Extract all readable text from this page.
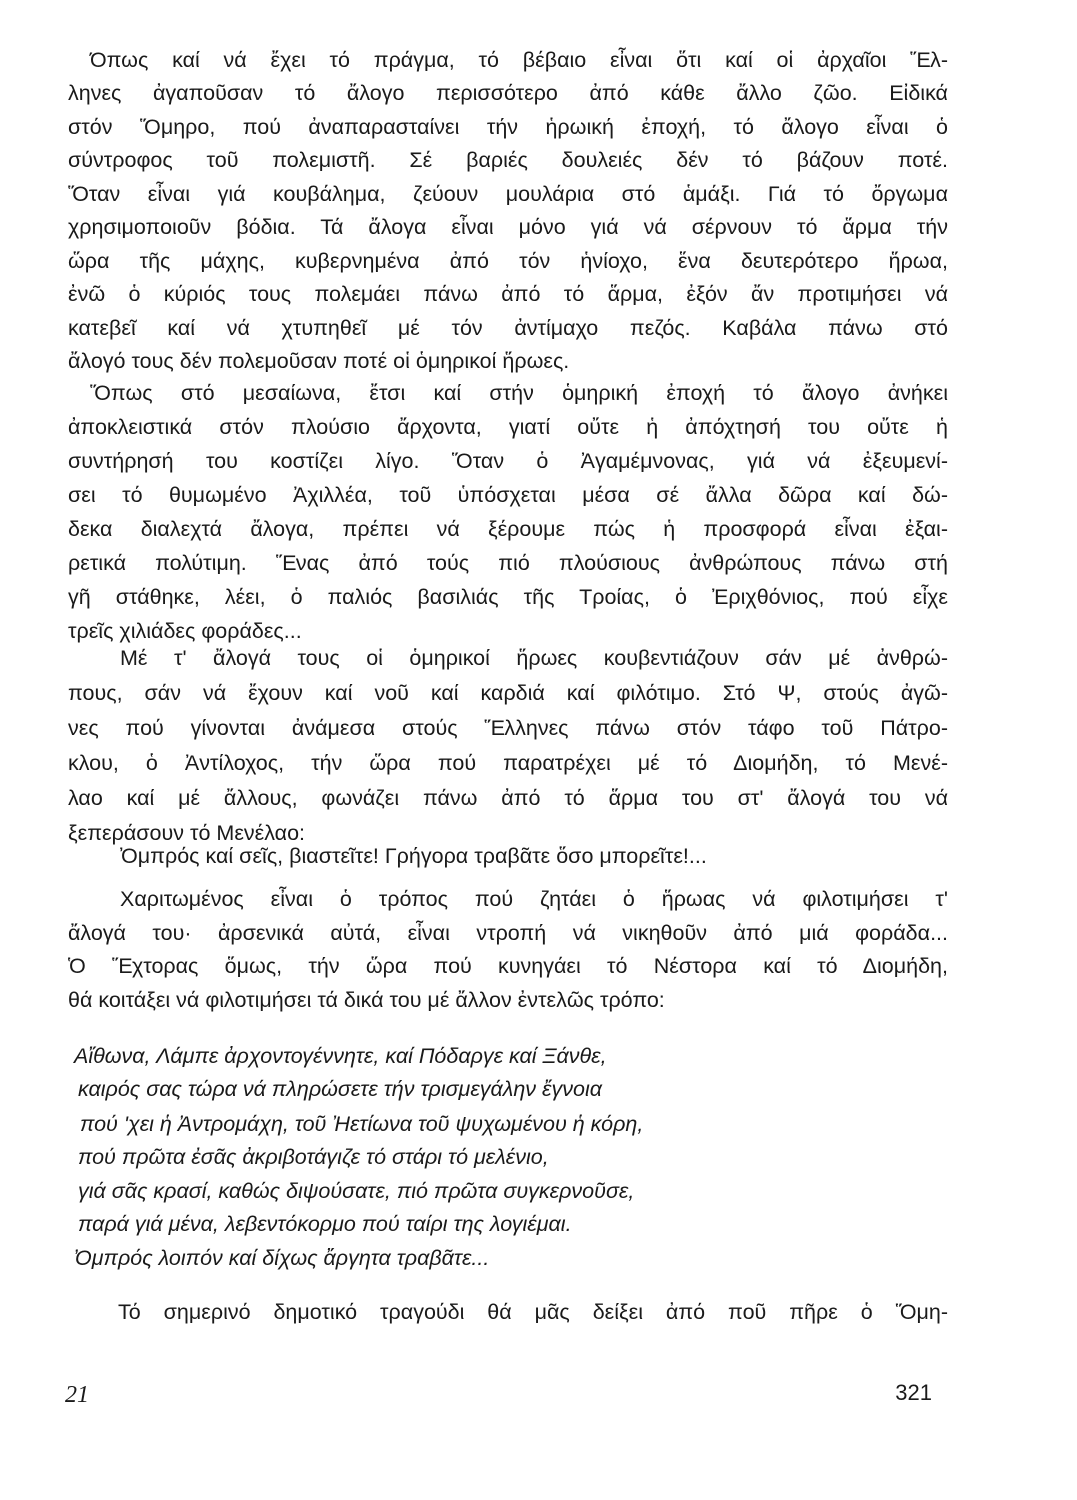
Όπως καί νά ἔχει τό πράγμα, τό βέβαιο εἶναι ὅτι καί οἱ ἀρχαῖοι Ἕλ-
ληνες ἀγαποῦσαν τό ἄλογο περισσότερο ἀπό κάθε ἄλλο ζῶο. Εἰδικά
στόν Ὅμηρο, πού ἀναπαρασταίνει τήν ἡρωική ἐποχή, τό ἄλογο εἶναι ὁ
σύντροφος τοῦ πολεμιστῆ. Σέ βαριές δουλειές δέν τό βάζουν ποτέ.
Ὅταν εἶναι γιά κουβάλημα, ζεύουν μουλάρια στό ἁμάξι. Γιά τό ὄργωμα
χρησιμοποιοῦν βόδια. Τά ἄλογα εἶναι μόνο γιά νά σέρνουν τό ἅρμα τήν
ὥρα τῆς μάχης, κυβερνημένα ἀπό τόν ἡνίοχο, ἕνα δευτερότερο ἥρωα,
ἐνῶ ὁ κύριός τους πολεμάει πάνω ἀπό τό ἅρμα, ἐξόν ἄν προτιμήσει νά
κατεβεῖ καί νά χτυπηθεῖ μέ τόν ἀντίμαχο πεζός. Καβάλα πάνω στό
ἄλογό τους δέν πολεμοῦσαν ποτέ οἱ ὁμηρικοί ἥρωες.
Ὅπως στό μεσαίωνα, ἔτσι καί στήν ὁμηρική ἐποχή τό ἄλογο ἀνήκει
ἀποκλειστικά στόν πλούσιο ἄρχοντα, γιατί οὔτε ἡ ἀπόχτησή του οὔτε ἡ
συντήρησή του κοστίζει λίγο. Ὅταν ὁ Ἀγαμέμνονας, γιά νά ἐξευμενί-
σει τό θυμωμένο Ἀχιλλέα, τοῦ ὑπόσχεται μέσα σέ ἄλλα δῶρα καί δώ-
δεκα διαλεχτά ἄλογα, πρέπει νά ξέρουμε πώς ἡ προσφορά εἶναι ἐξαι-
ρετικά πολύτιμη. Ἕνας ἀπό τούς πιό πλούσιους ἀνθρώπους πάνω στή
γῆ στάθηκε, λέει, ὁ παλιός βασιλιάς τῆς Τροίας, ὁ Ἐριχθόνιος, πού εἶχε
τρεῖς χιλιάδες φοράδες...
Μέ τ' ἄλογά τους οἱ ὁμηρικοί ἥρωες κουβεντιάζουν σάν μέ ἀνθρώ-
πους, σάν νά ἔχουν καί νοῦ καί καρδιά καί φιλότιμο. Στό Ψ, στούς ἀγῶ-
νες πού γίνονται ἀνάμεσα στούς Ἕλληνες πάνω στόν τάφο τοῦ Πάτρο-
κλου, ὁ Ἀντίλοχος, τήν ὥρα πού παρατρέχει μέ τό Διομήδη, τό Μενέ-
λαο καί μέ ἄλλους, φωνάζει πάνω ἀπό τό ἅρμα του στ' ἄλογά του νά
ξεπεράσουν τό Μενέλαο:
Ὀμπρός καί σεῖς, βιαστεῖτε! Γρήγορα τραβᾶτε ὅσο μπορεῖτε!...
Χαριτωμένος εἶναι ὁ τρόπος πού ζητάει ὁ ἥρωας νά φιλοτιμήσει τ'
ἄλογά του· ἀρσενικά αὐτά, εἶναι ντροπή νά νικηθοῦν ἀπό μιά φοράδα...
Ὁ Ἕχτορας ὅμως, τήν ὥρα πού κυνηγάει τό Νέστορα καί τό Διομήδη,
θά κοιτάξει νά φιλοτιμήσει τά δικά του μέ ἄλλον ἐντελῶς τρόπο:
Αἴθωνα, Λάμπε ἀρχοντογέννητε, καί Πόδαργε καί Ξάνθε,
καιρός σας τώρα νά πληρώσετε τήν τρισμεγάλην ἔγνοια
πού 'χει ἡ Ἀντρομάχη, τοῦ Ἠετίωνα τοῦ ψυχωμένου ἡ κόρη,
πού πρῶτα ἐσᾶς ἀκριβοτάγιζε τό στάρι τό μελένιο,
γιά σᾶς κρασί, καθώς διψούσατε, πιό πρῶτα συγκερνοῦσε,
παρά γιά μένα, λεβεντόκορμο πού ταίρι της λογιέμαι.
Ὀμπρός λοιπόν καί δίχως ἄργητα τραβᾶτε...
Τό σημερινό δημοτικό τραγούδι θά μᾶς δείξει ἀπό ποῦ πῆρε ὁ Ὅμη-
21	321
